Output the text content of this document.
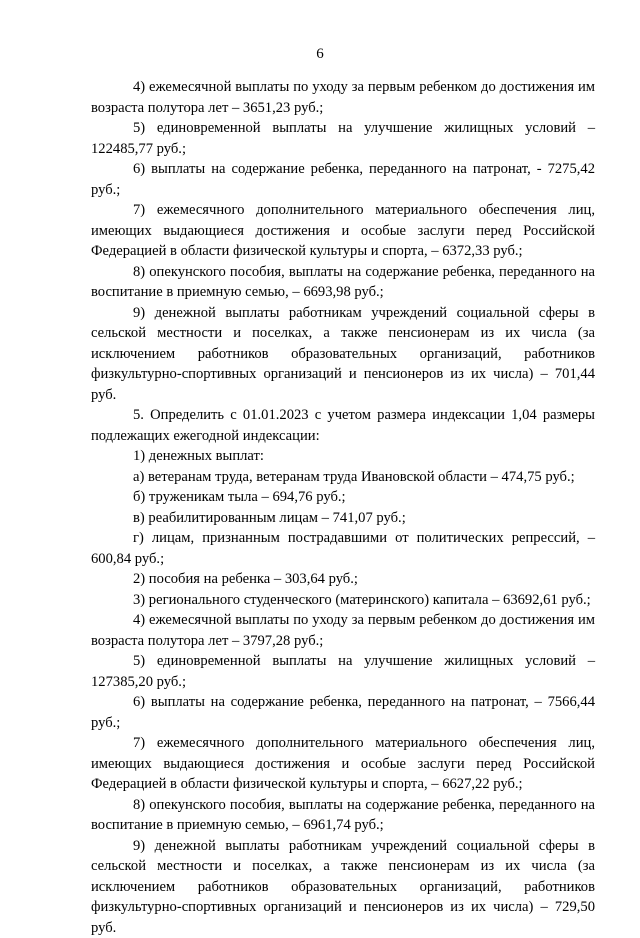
6

4) ежемесячной выплаты по уходу за первым ребенком до достижения им возраста полутора лет – 3651,23 руб.;

5) единовременной выплаты на улучшение жилищных условий – 122485,77 руб.;

6) выплаты на содержание ребенка, переданного на патронат, - 7275,42 руб.;

7) ежемесячного дополнительного материального обеспечения лиц, имеющих выдающиеся достижения и особые заслуги перед Российской Федерацией в области физической культуры и спорта, – 6372,33 руб.;

8) опекунского пособия, выплаты на содержание ребенка, переданного на воспитание в приемную семью, – 6693,98 руб.;

9) денежной выплаты работникам учреждений социальной сферы в сельской местности и поселках, а также пенсионерам из их числа (за исключением работников образовательных организаций, работников физкультурно-спортивных организаций и пенсионеров из их числа) – 701,44 руб.

5. Определить с 01.01.2023 с учетом размера индексации 1,04 размеры подлежащих ежегодной индексации:

1) денежных выплат:

а) ветеранам труда, ветеранам труда Ивановской области – 474,75 руб.;

б) труженикам тыла – 694,76 руб.;

в) реабилитированным лицам – 741,07 руб.;

г) лицам, признанным пострадавшими от политических репрессий, – 600,84 руб.;

2) пособия на ребенка – 303,64 руб.;

3) регионального студенческого (материнского) капитала – 63692,61 руб.;

4) ежемесячной выплаты по уходу за первым ребенком до достижения им возраста полутора лет – 3797,28 руб.;

5) единовременной выплаты на улучшение жилищных условий – 127385,20 руб.;

6) выплаты на содержание ребенка, переданного на патронат, – 7566,44 руб.;

7) ежемесячного дополнительного материального обеспечения лиц, имеющих выдающиеся достижения и особые заслуги перед Российской Федерацией в области физической культуры и спорта, – 6627,22 руб.;

8) опекунского пособия, выплаты на содержание ребенка, переданного на воспитание в приемную семью, – 6961,74 руб.;

9) денежной выплаты работникам учреждений социальной сферы в сельской местности и поселках, а также пенсионерам из их числа (за исключением работников образовательных организаций, работников физкультурно-спортивных организаций и пенсионеров из их числа) – 729,50 руб.
